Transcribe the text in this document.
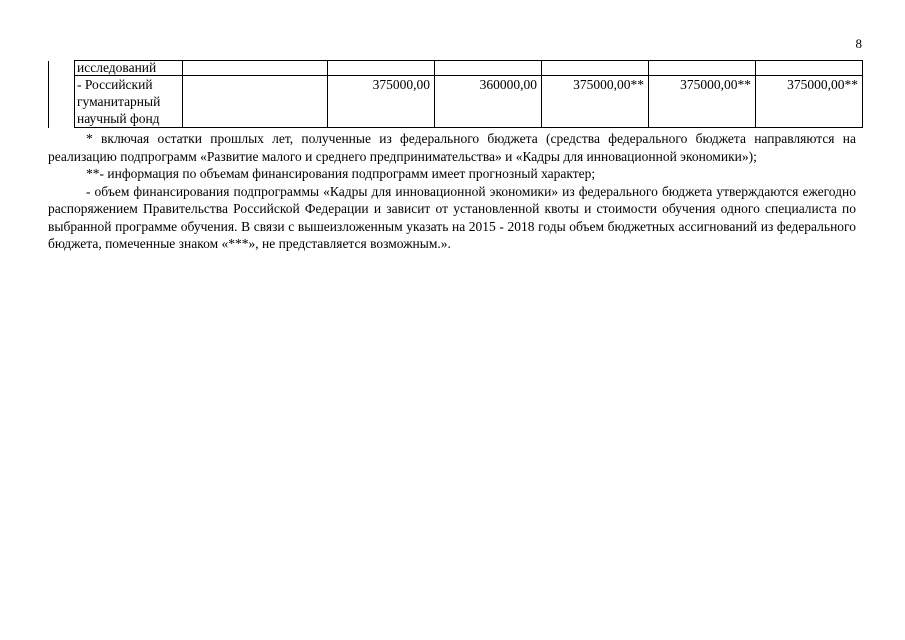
8
	исследований						

	- Российский
гуманитарный
научный фонд		375000,00	360000,00	375000,00**	375000,00**	375000,00**

* включая остатки прошлых лет, полученные из федерального бюджета (средства федерального бюджета направляются на реализацию подпрограмм «Развитие малого и среднего предпринимательства» и «Кадры для инновационной экономики»);

**- информация по объемам финансирования подпрограмм имеет прогнозный характер;

- объем финансирования подпрограммы «Кадры для инновационной экономики» из федерального бюджета утверждаются ежегодно распоряжением Правительства Российской Федерации и зависит от установленной квоты и стоимости обучения одного специалиста по выбранной программе обучения. В связи с вышеизложенным указать на 2015 - 2018 годы объем бюджетных ассигнований из федерального бюджета, помеченные знаком «***», не представляется возможным.».
